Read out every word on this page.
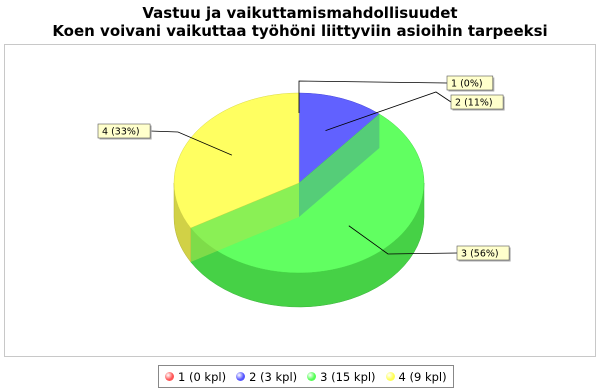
Vastuu ja vaikuttamismahdollisuudet
Koen voivani vaikuttaa työhöni liittyviin asioihin tarpeeksi
1 (0%)
2 (11%)
3 (56%)
4 (33%)
1 (0 kpl) 2 (3 kpl) 3 (15 kpl) 4 (9 kpl)
